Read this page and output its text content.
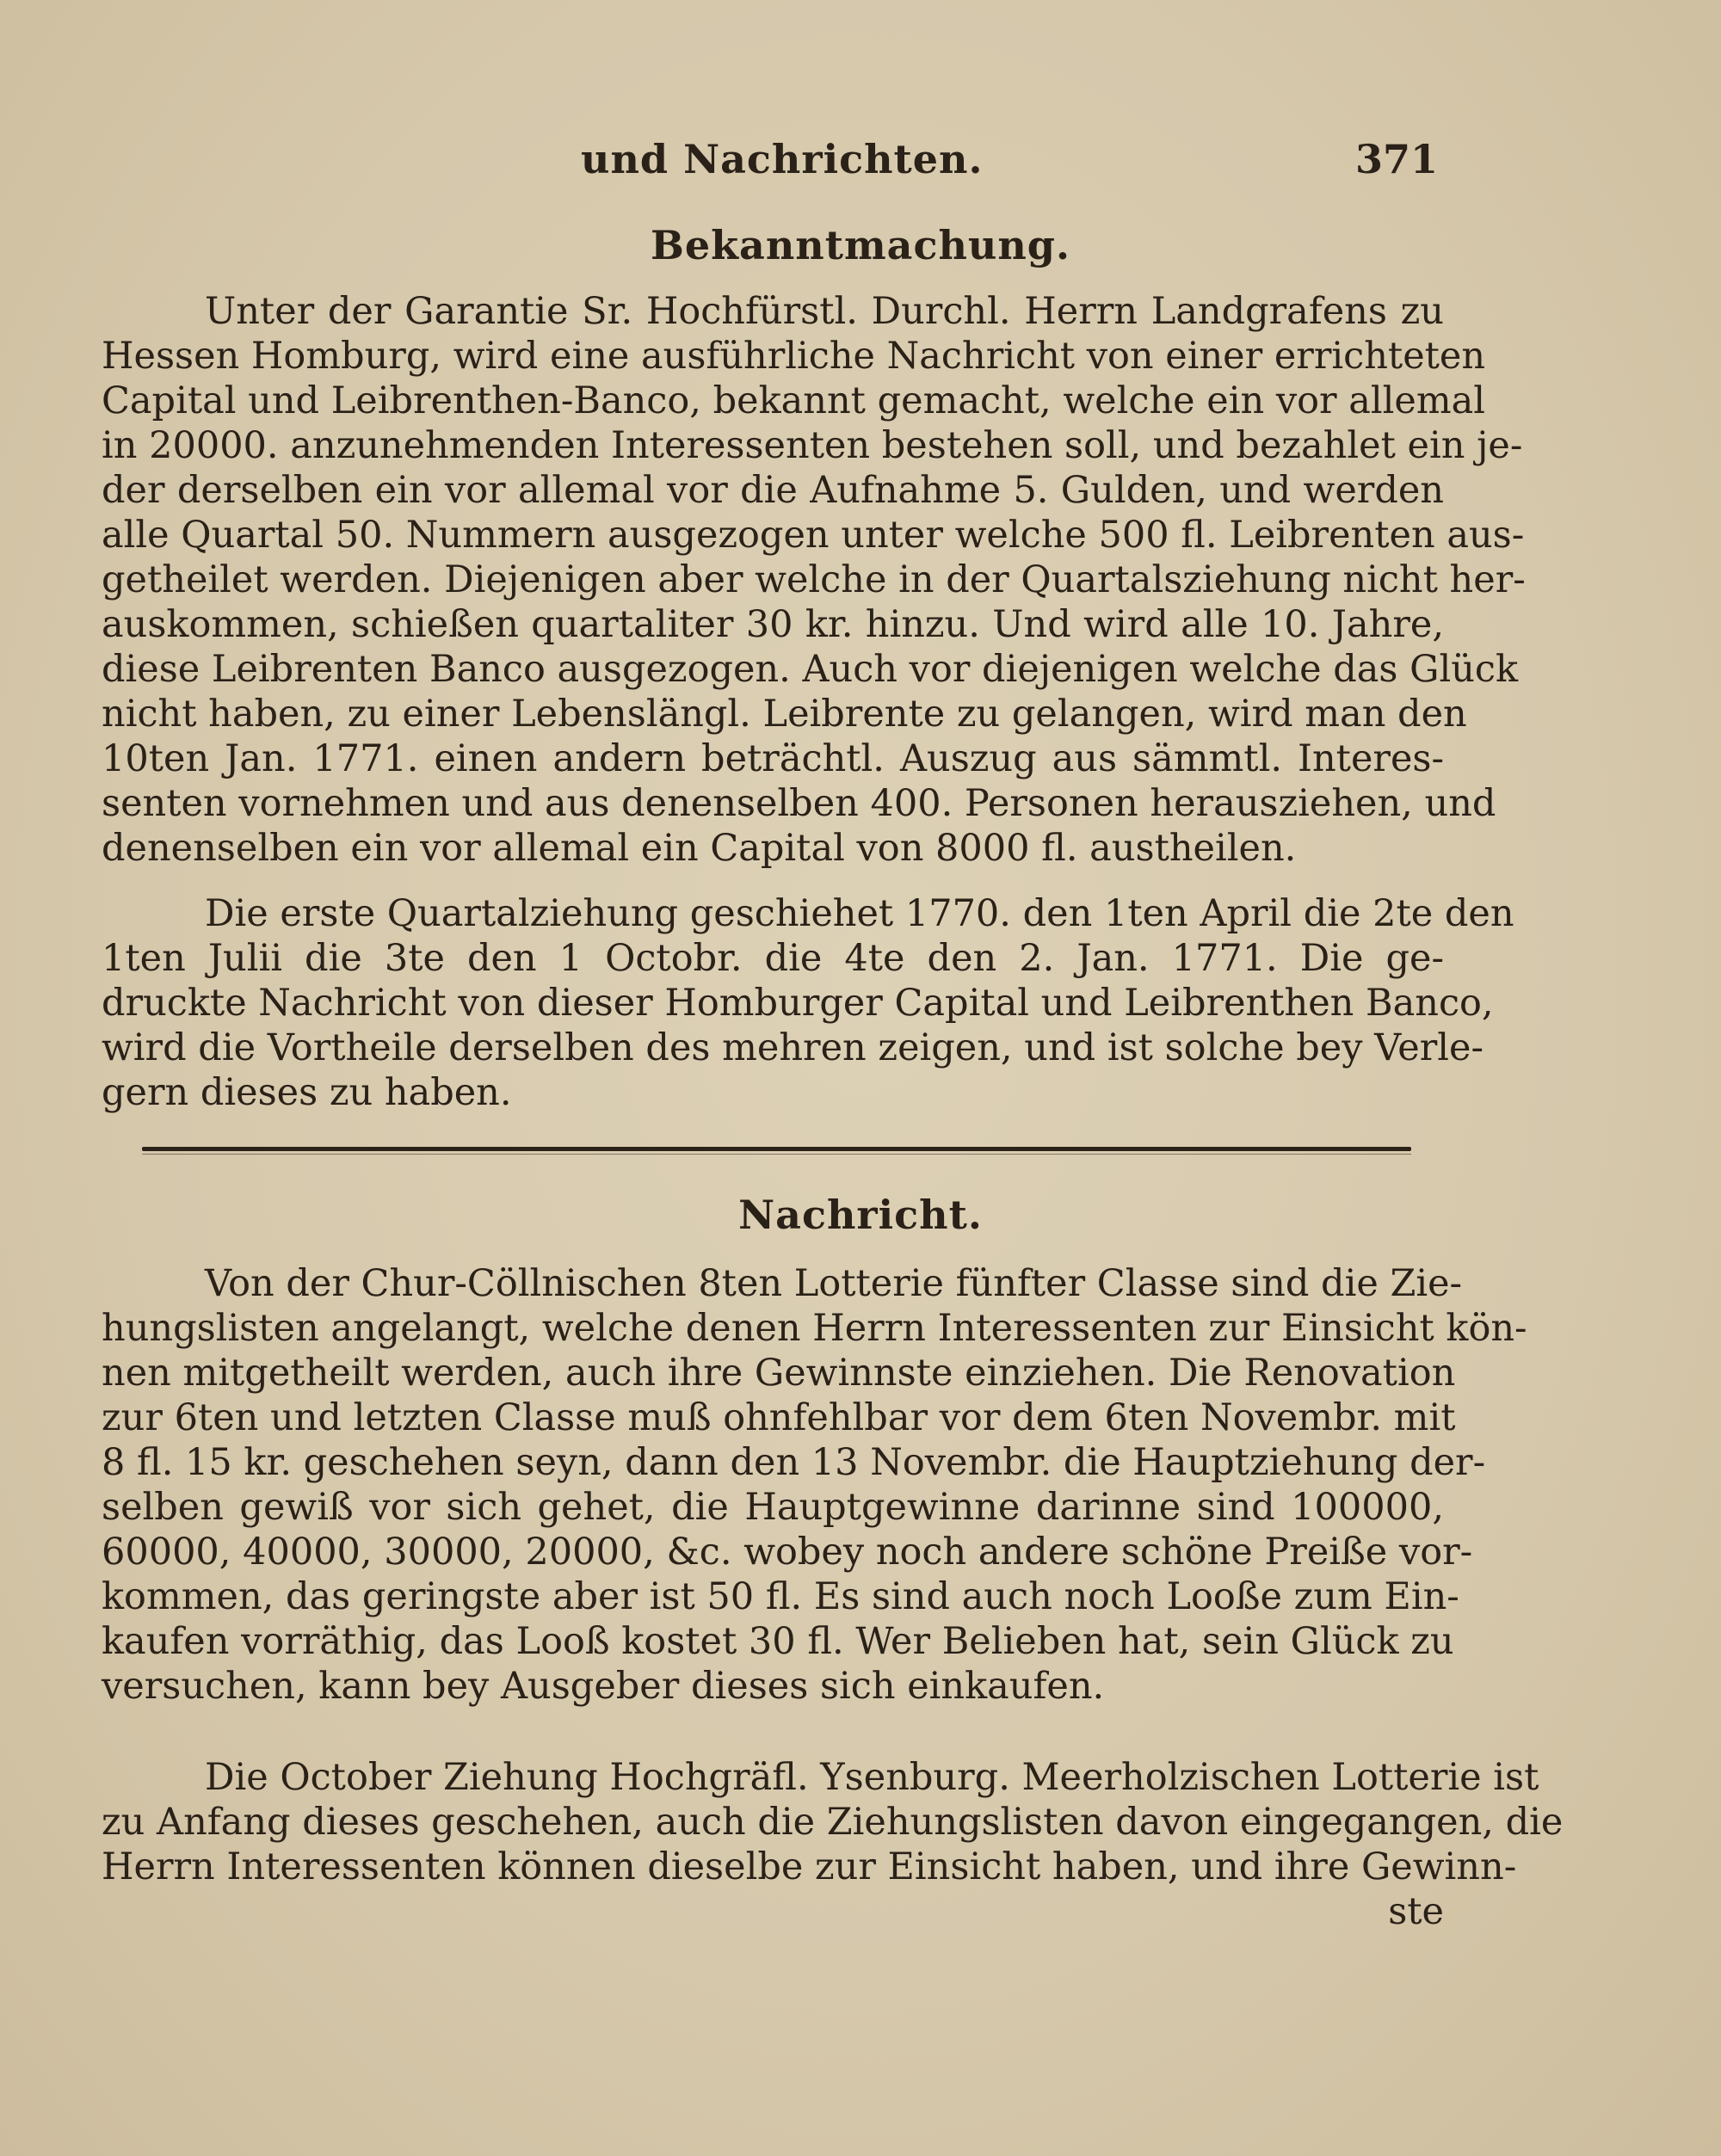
und Nachrichten.	371
Bekanntmachung.
Unter der Garantie Sr. Hochfürstl. Durchl. Herrn Landgrafens zu
Hessen Homburg, wird eine ausführliche Nachricht von einer errichteten
Capital und Leibrenthen-Banco, bekannt gemacht, welche ein vor allemal
in 20000. anzunehmenden Interessenten bestehen soll, und bezahlet ein je-
der derselben ein vor allemal vor die Aufnahme 5. Gulden, und werden
alle Quartal 50. Nummern ausgezogen unter welche 500 fl. Leibrenten aus-
getheilet werden. Diejenigen aber welche in der Quartalsziehung nicht her-
auskommen, schießen quartaliter 30 kr. hinzu. Und wird alle 10. Jahre,
diese Leibrenten Banco ausgezogen. Auch vor diejenigen welche das Glück
nicht haben, zu einer Lebenslängl. Leibrente zu gelangen, wird man den
10ten Jan. 1771. einen andern beträchtl. Auszug aus sämmtl. Interes-
senten vornehmen und aus denenselben 400. Personen herausziehen, und
denenselben ein vor allemal ein Capital von 8000 fl. austheilen.
Die erste Quartalziehung geschiehet 1770. den 1ten April die 2te den
1ten Julii die 3te den 1 Octobr. die 4te den 2. Jan. 1771. Die ge-
druckte Nachricht von dieser Homburger Capital und Leibrenthen Banco,
wird die Vortheile derselben des mehren zeigen, und ist solche bey Verle-
gern dieses zu haben.
Nachricht.
Von der Chur-Cöllnischen 8ten Lotterie fünfter Classe sind die Zie-
hungslisten angelangt, welche denen Herrn Interessenten zur Einsicht kön-
nen mitgetheilt werden, auch ihre Gewinnste einziehen. Die Renovation
zur 6ten und letzten Classe muß ohnfehlbar vor dem 6ten Novembr. mit
8 fl. 15 kr. geschehen seyn, dann den 13 Novembr. die Hauptziehung der-
selben gewiß vor sich gehet, die Hauptgewinne darinne sind 100000,
60000, 40000, 30000, 20000, &c. wobey noch andere schöne Preiße vor-
kommen, das geringste aber ist 50 fl. Es sind auch noch Looße zum Ein-
kaufen vorräthig, das Looß kostet 30 fl. Wer Belieben hat, sein Glück zu
versuchen, kann bey Ausgeber dieses sich einkaufen.
Die October Ziehung Hochgräfl. Ysenburg. Meerholzischen Lotterie ist
zu Anfang dieses geschehen, auch die Ziehungslisten davon eingegangen, die
Herrn Interessenten können dieselbe zur Einsicht haben, und ihre Gewinn-
ste
